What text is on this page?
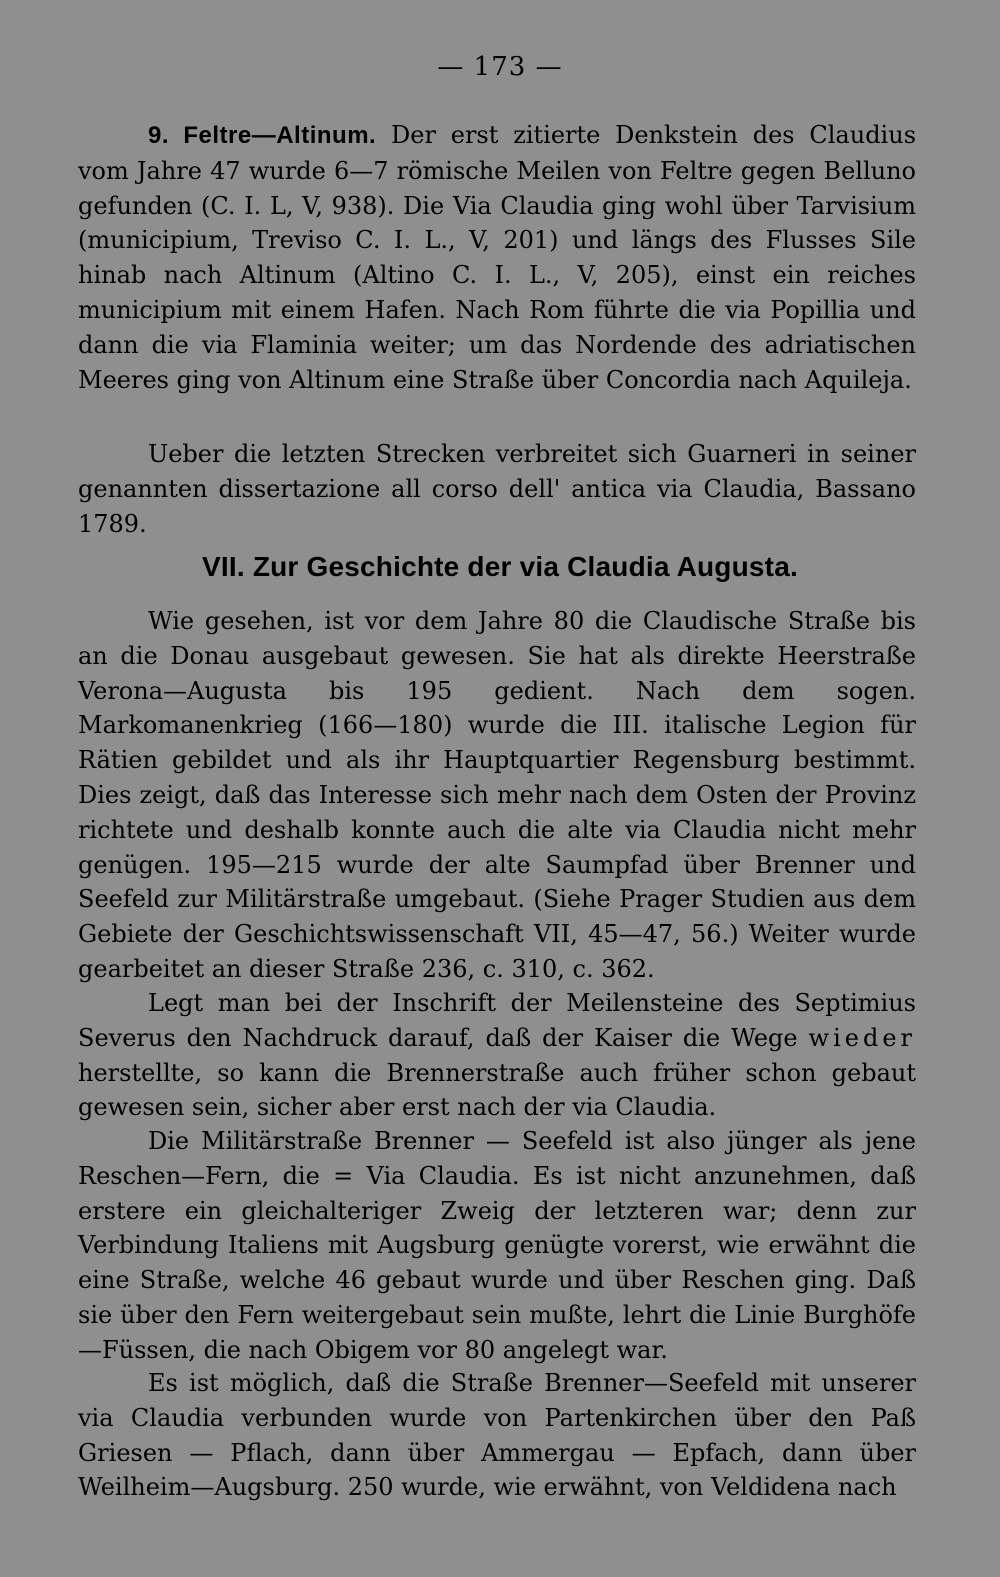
— 173 —

9. Feltre—Altinum. Der erst zitierte Denkstein des Claudius vom Jahre 47 wurde 6—7 römische Meilen von Feltre gegen Belluno gefunden (C. I. L, V, 938). Die Via Claudia ging wohl über Tarvisium (municipium, Treviso C. I. L., V, 201) und längs des Flusses Sile hinab nach Altinum (Altino C. I. L., V, 205), einst ein reiches municipium mit einem Hafen. Nach Rom führte die via Popillia und dann die via Flaminia weiter; um das Nordende des adriatischen Meeres ging von Altinum eine Straße über Concordia nach Aquileja.

Ueber die letzten Strecken verbreitet sich Guarneri in seiner genannten dissertazione all corso dell' antica via Claudia, Bassano 1789.

VII. Zur Geschichte der via Claudia Augusta.

Wie gesehen, ist vor dem Jahre 80 die Claudische Straße bis an die Donau ausgebaut gewesen. Sie hat als direkte Heerstraße Verona—Augusta bis 195 gedient. Nach dem sogen. Markomanenkrieg (166—180) wurde die III. italische Legion für Rätien gebildet und als ihr Hauptquartier Regensburg bestimmt. Dies zeigt, daß das Interesse sich mehr nach dem Osten der Provinz richtete und deshalb konnte auch die alte via Claudia nicht mehr genügen. 195—215 wurde der alte Saumpfad über Brenner und Seefeld zur Militärstraße umgebaut. (Siehe Prager Studien aus dem Gebiete der Geschichtswissenschaft VII, 45—47, 56.) Weiter wurde gearbeitet an dieser Straße 236, c. 310, c. 362.

Legt man bei der Inschrift der Meilensteine des Septimius Severus den Nachdruck darauf, daß der Kaiser die Wege wieder herstellte, so kann die Brennerstraße auch früher schon gebaut gewesen sein, sicher aber erst nach der via Claudia.

Die Militärstraße Brenner — Seefeld ist also jünger als jene Reschen—Fern, die = Via Claudia. Es ist nicht anzunehmen, daß erstere ein gleichalteriger Zweig der letzteren war; denn zur Verbindung Italiens mit Augsburg genügte vorerst, wie erwähnt die eine Straße, welche 46 gebaut wurde und über Reschen ging. Daß sie über den Fern weitergebaut sein mußte, lehrt die Linie Burghöfe—Füssen, die nach Obigem vor 80 angelegt war.

Es ist möglich, daß die Straße Brenner—Seefeld mit unserer via Claudia verbunden wurde von Partenkirchen über den Paß Griesen — Pflach, dann über Ammergau — Epfach, dann über Weilheim—Augsburg. 250 wurde, wie erwähnt, von Veldidena nach
